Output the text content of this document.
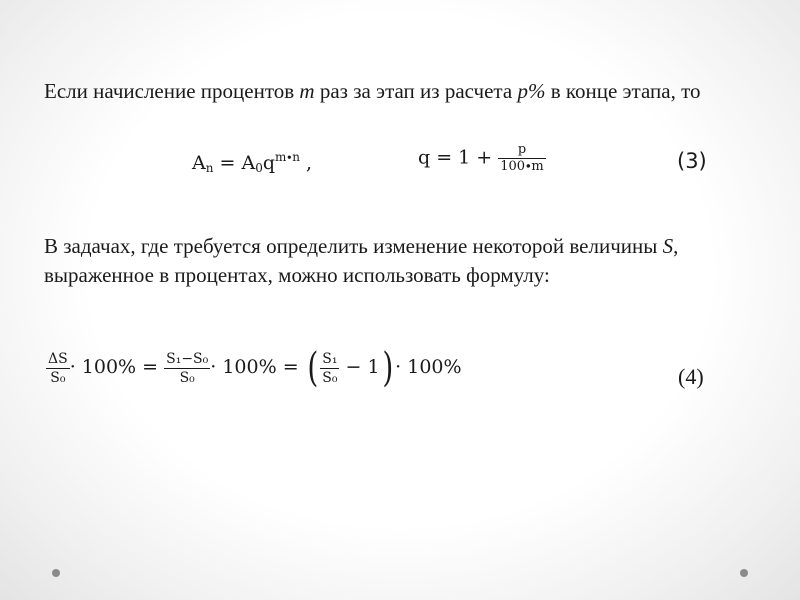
Если начисление процентов m раз за этап из расчета p% в конце этапа, то
$A_n = A_0q^{m\cdot n}$ ,	$q = 1 + \frac{p}{100\cdot m}$	(3)
В задачах, где требуется определить изменение некоторой величины S, выраженное в процентах, можно использовать формулу:
$\frac{\Delta S}{\text{S₀}} \cdot 100\% = \frac{\text{S₁−S₀}}{\text{S₀}} \cdot 100\%$ = ( $\frac{\text{S₁}}{\text{S₀}} - 1) \cdot 100\%$	(4)
